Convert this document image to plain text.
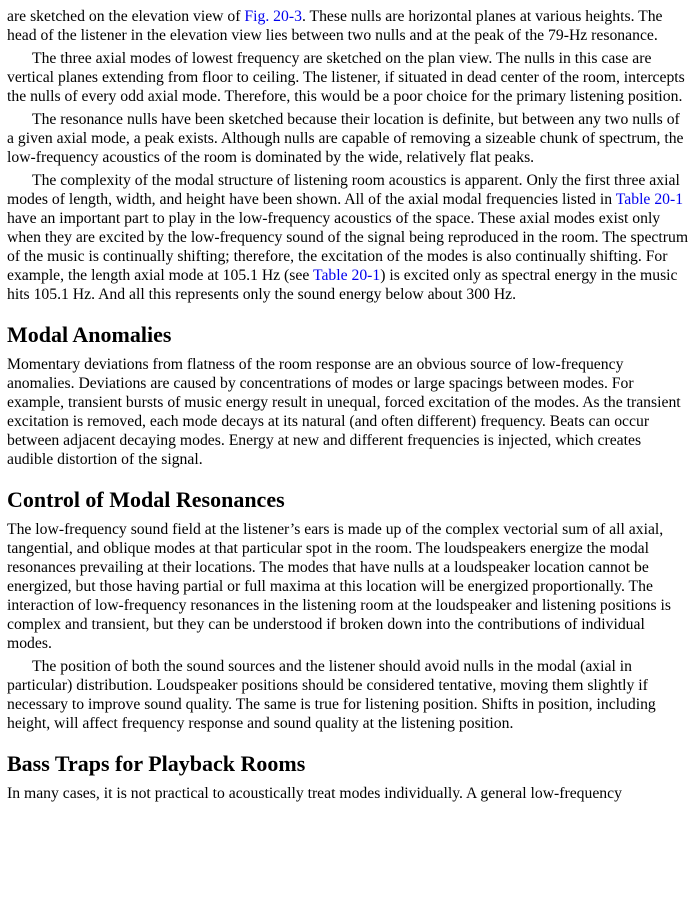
are sketched on the elevation view of Fig. 20-3. These nulls are horizontal planes at various heights. The head of the listener in the elevation view lies between two nulls and at the peak of the 79-Hz resonance.

The three axial modes of lowest frequency are sketched on the plan view. The nulls in this case are vertical planes extending from floor to ceiling. The listener, if situated in dead center of the room, intercepts the nulls of every odd axial mode. Therefore, this would be a poor choice for the primary listening position.

The resonance nulls have been sketched because their location is definite, but between any two nulls of a given axial mode, a peak exists. Although nulls are capable of removing a sizeable chunk of spectrum, the low-frequency acoustics of the room is dominated by the wide, relatively flat peaks.

The complexity of the modal structure of listening room acoustics is apparent. Only the first three axial modes of length, width, and height have been shown. All of the axial modal frequencies listed in Table 20-1 have an important part to play in the low-frequency acoustics of the space. These axial modes exist only when they are excited by the low-frequency sound of the signal being reproduced in the room. The spectrum of the music is continually shifting; therefore, the excitation of the modes is also continually shifting. For example, the length axial mode at 105.1 Hz (see Table 20-1) is excited only as spectral energy in the music hits 105.1 Hz. And all this represents only the sound energy below about 300 Hz.

Modal Anomalies

Momentary deviations from flatness of the room response are an obvious source of low-frequency anomalies. Deviations are caused by concentrations of modes or large spacings between modes. For example, transient bursts of music energy result in unequal, forced excitation of the modes. As the transient excitation is removed, each mode decays at its natural (and often different) frequency. Beats can occur between adjacent decaying modes. Energy at new and different frequencies is injected, which creates audible distortion of the signal.

Control of Modal Resonances

The low-frequency sound field at the listener’s ears is made up of the complex vectorial sum of all axial, tangential, and oblique modes at that particular spot in the room. The loudspeakers energize the modal resonances prevailing at their locations. The modes that have nulls at a loudspeaker location cannot be energized, but those having partial or full maxima at this location will be energized proportionally. The interaction of low-frequency resonances in the listening room at the loudspeaker and listening positions is complex and transient, but they can be understood if broken down into the contributions of individual modes.

The position of both the sound sources and the listener should avoid nulls in the modal (axial in particular) distribution. Loudspeaker positions should be considered tentative, moving them slightly if necessary to improve sound quality. The same is true for listening position. Shifts in position, including height, will affect frequency response and sound quality at the listening position.

Bass Traps for Playback Rooms

In many cases, it is not practical to acoustically treat modes individually. A general low-frequency
